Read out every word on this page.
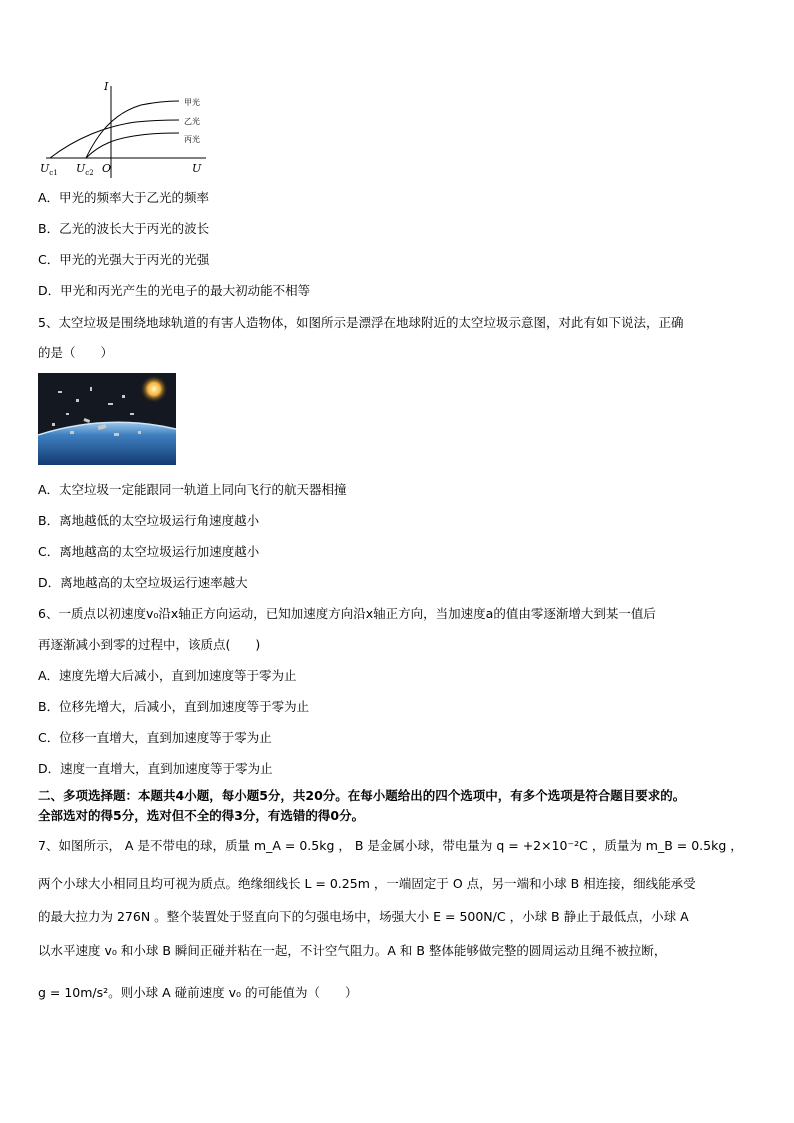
I
U
O
$U_{c1}$ $U_{c2}$
甲光
乙光
丙光
A．甲光的频率大于乙光的频率
B．乙光的波长大于丙光的波长
C．甲光的光强大于丙光的光强
D．甲光和丙光产生的光电子的最大初动能不相等
5、太空垃圾是围绕地球轨道的有害人造物体，如图所示是漂浮在地球附近的太空垃圾示意图，对此有如下说法，正确
的是（　　）
A．太空垃圾一定能跟同一轨道上同向飞行的航天器相撞
B．离地越低的太空垃圾运行角速度越小
C．离地越高的太空垃圾运行加速度越小
D．离地越高的太空垃圾运行速率越大
6、一质点以初速度v₀沿x轴正方向运动，已知加速度方向沿x轴正方向，当加速度a的值由零逐渐增大到某一值后
再逐渐减小到零的过程中，该质点(　　)
A．速度先增大后减小，直到加速度等于零为止
B．位移先增大，后减小，直到加速度等于零为止
C．位移一直增大，直到加速度等于零为止
D．速度一直增大，直到加速度等于零为止
二、多项选择题：本题共4小题，每小题5分，共20分。在每小题给出的四个选项中，有多个选项是符合题目要求的。
全部选对的得5分，选对但不全的得3分，有选错的得0分。
7、如图所示， A 是不带电的球，质量 m_A = 0.5kg ， B 是金属小球，带电量为 q = +2×10⁻²C ，质量为 m_B = 0.5kg ，
两个小球大小相同且均可视为质点。绝缘细线长 L = 0.25m ，一端固定于 O 点，另一端和小球 B 相连接，细线能承受
的最大拉力为 276N 。整个装置处于竖直向下的匀强电场中，场强大小 E = 500N/C ，小球 B 静止于最低点，小球 A
以水平速度 v₀ 和小球 B 瞬间正碰并粘在一起，不计空气阻力。A 和 B 整体能够做完整的圆周运动且绳不被拉断，
g = 10m/s²。则小球 A 碰前速度 v₀ 的可能值为（　　）
